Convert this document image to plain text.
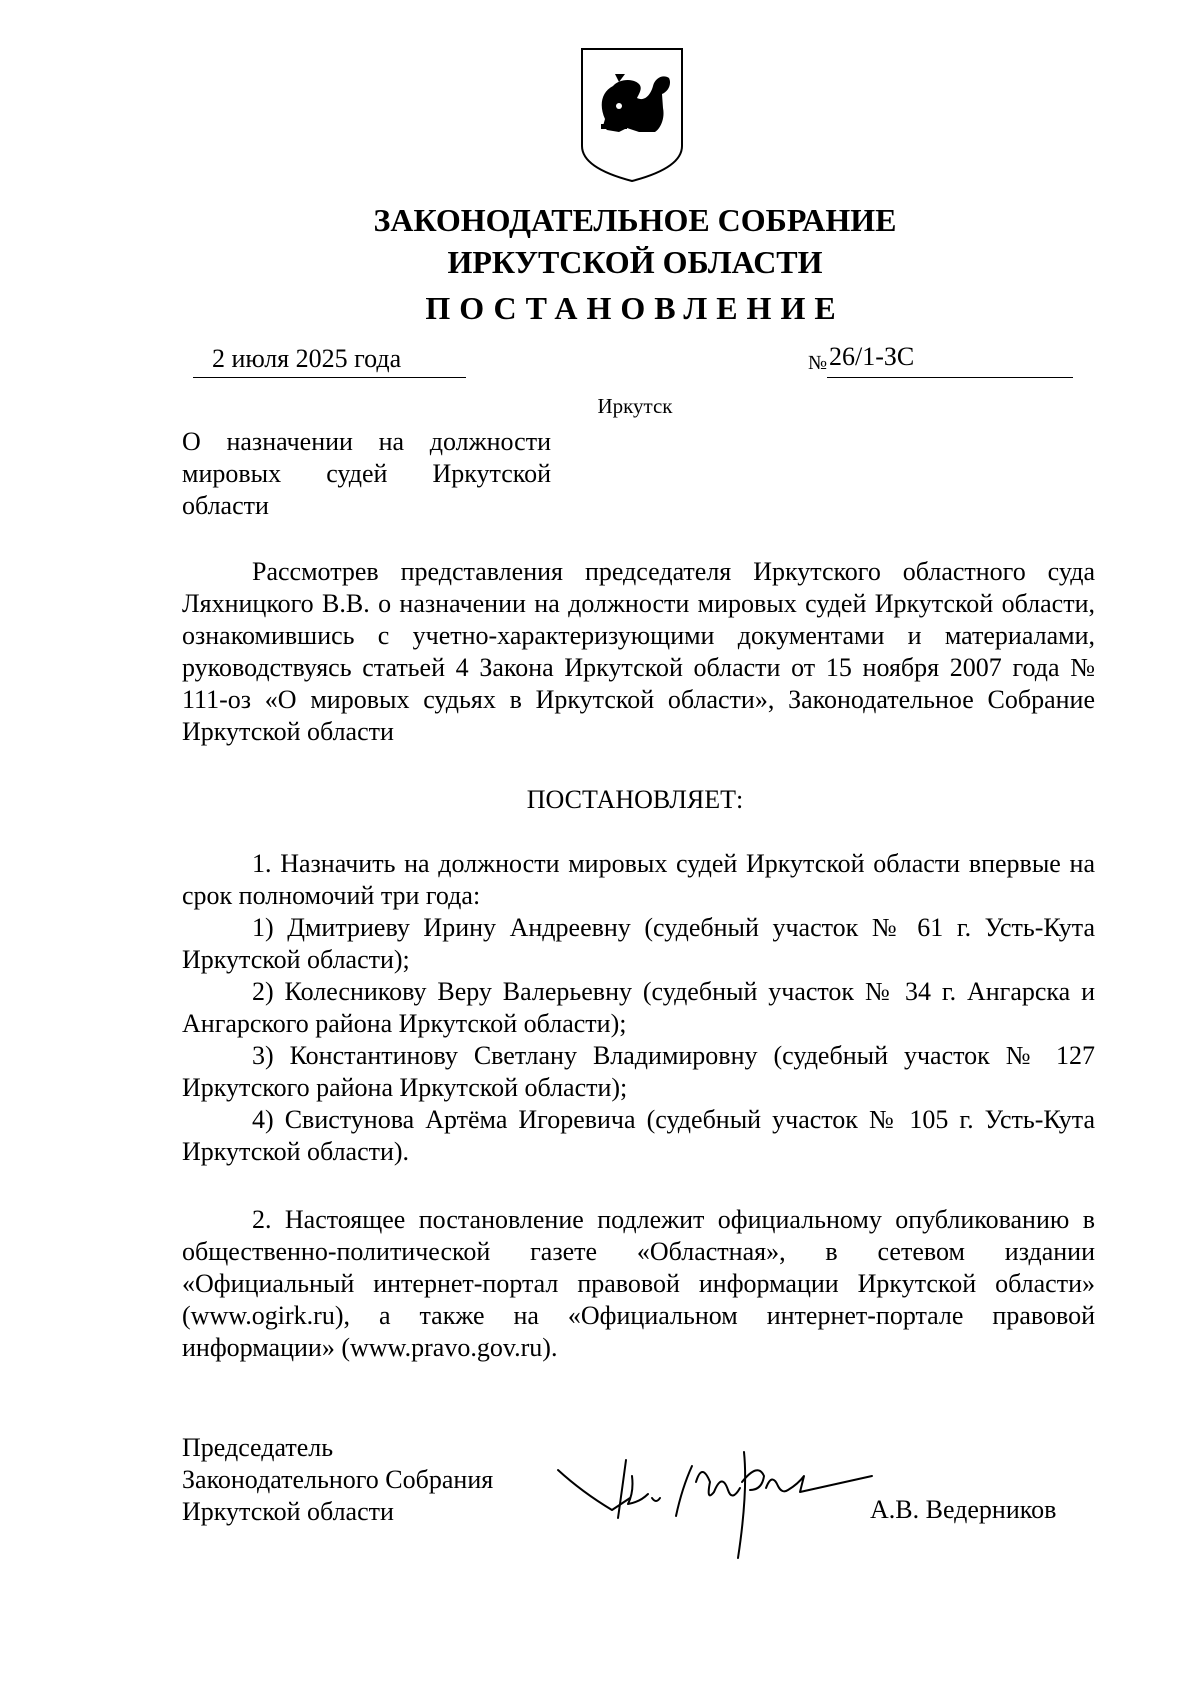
ЗАКОНОДАТЕЛЬНОЕ СОБРАНИЕ
ИРКУТСКОЙ ОБЛАСТИ
ПОСТАНОВЛЕНИЕ
2 июля 2025 года	№ 26/1-ЗС
Иркутск
О назначении на должности мировых судей Иркутской области

Рассмотрев представления председателя Иркутского областного суда Ляхницкого В.В. о назначении на должности мировых судей Иркутской области, ознакомившись с учетно-характеризующими документами и материалами, руководствуясь статьей 4 Закона Иркутской области от 15 ноября 2007 года № 111-оз «О мировых судьях в Иркутской области», Законодательное Собрание Иркутской области

ПОСТАНОВЛЯЕТ:

1. Назначить на должности мировых судей Иркутской области впервые на срок полномочий три года:

1) Дмитриеву Ирину Андреевну (судебный участок № 61 г. Усть-Кута Иркутской области);

2) Колесникову Веру Валерьевну (судебный участок № 34 г. Ангарска и Ангарского района Иркутской области);

3) Константинову Светлану Владимировну (судебный участок № 127 Иркутского района Иркутской области);

4) Свистунова Артёма Игоревича (судебный участок № 105 г. Усть-Кута Иркутской области).

2. Настоящее постановление подлежит официальному опубликованию в общественно-политической газете «Областная», в сетевом издании «Официальный интернет-портал правовой информации Иркутской области» (www.ogirk.ru), а также на «Официальном интернет-портале правовой информации» (www.pravo.gov.ru).

Председатель
Законодательного Собрания
Иркутской области	А.В. Ведерников
